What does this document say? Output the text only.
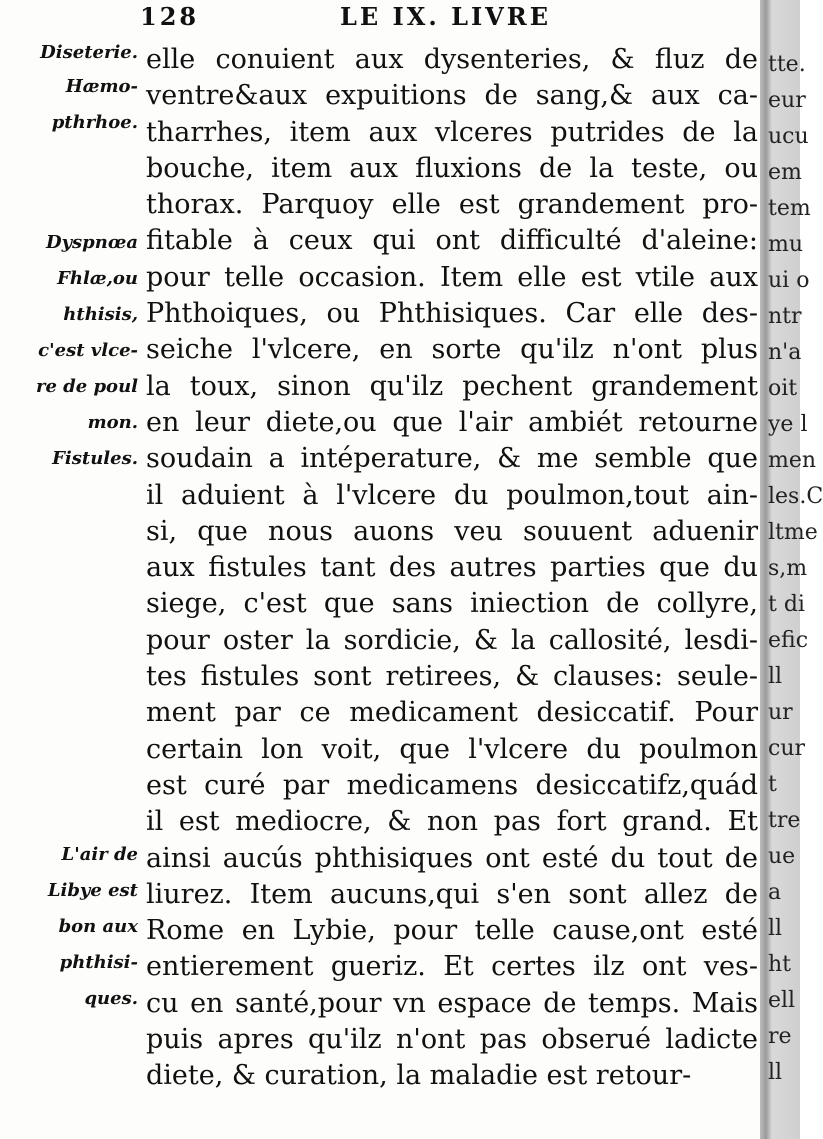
128	LE IX. LIVRE
Diseterie.
Hæmo-
pthrhoe.
Dyspnœa
Fhlæ,ou
hthisis,
c'est vlce-
re de poul
mon.
Fistules.
L'air de
Libye est
bon aux
phthisi-
ques.
elle conuient aux dysenteries, & fluz de
ventre&aux expuitions de sang,& aux ca-
tharrhes, item aux vlceres putrides de la
bouche, item aux fluxions de la teste, ou
thorax. Parquoy elle est grandement pro-
fitable à ceux qui ont difficulté d'aleine:
pour telle occasion. Item elle est vtile aux
Phthoiques, ou Phthisiques. Car elle des-
seiche l'vlcere, en sorte qu'ilz n'ont plus
la toux, sinon qu'ilz pechent grandement
en leur diete,ou que l'air ambiét retourne
soudain a intéperature, & me semble que
il aduient à l'vlcere du poulmon,tout ain-
si, que nous auons veu souuent aduenir
aux fistules tant des autres parties que du
siege, c'est que sans iniection de collyre,
pour oster la sordicie, & la callosité, lesdi-
tes fistules sont retirees, & clauses: seule-
ment par ce medicament desiccatif. Pour
certain lon voit, que l'vlcere du poulmon
est curé par medicamens desiccatifz,quád
il est mediocre, & non pas fort grand. Et
ainsi aucús phthisiques ont esté du tout de
liurez. Item aucuns,qui s'en sont allez de
Rome en Lybie, pour telle cause,ont esté
entierement gueriz. Et certes ilz ont ves-
cu en santé,pour vn espace de temps. Mais
puis apres qu'ilz n'ont pas obserué ladicte
diete, & curation, la maladie est retour-
tte.
eur
ucu
em
tem
mu
ui o
ntr
n'a
oit
ye l
men
les.C
ltme
s,m
t di
efic
ll
ur
cur
t
tre
ue
a
ll
ht
ell
re
ll
